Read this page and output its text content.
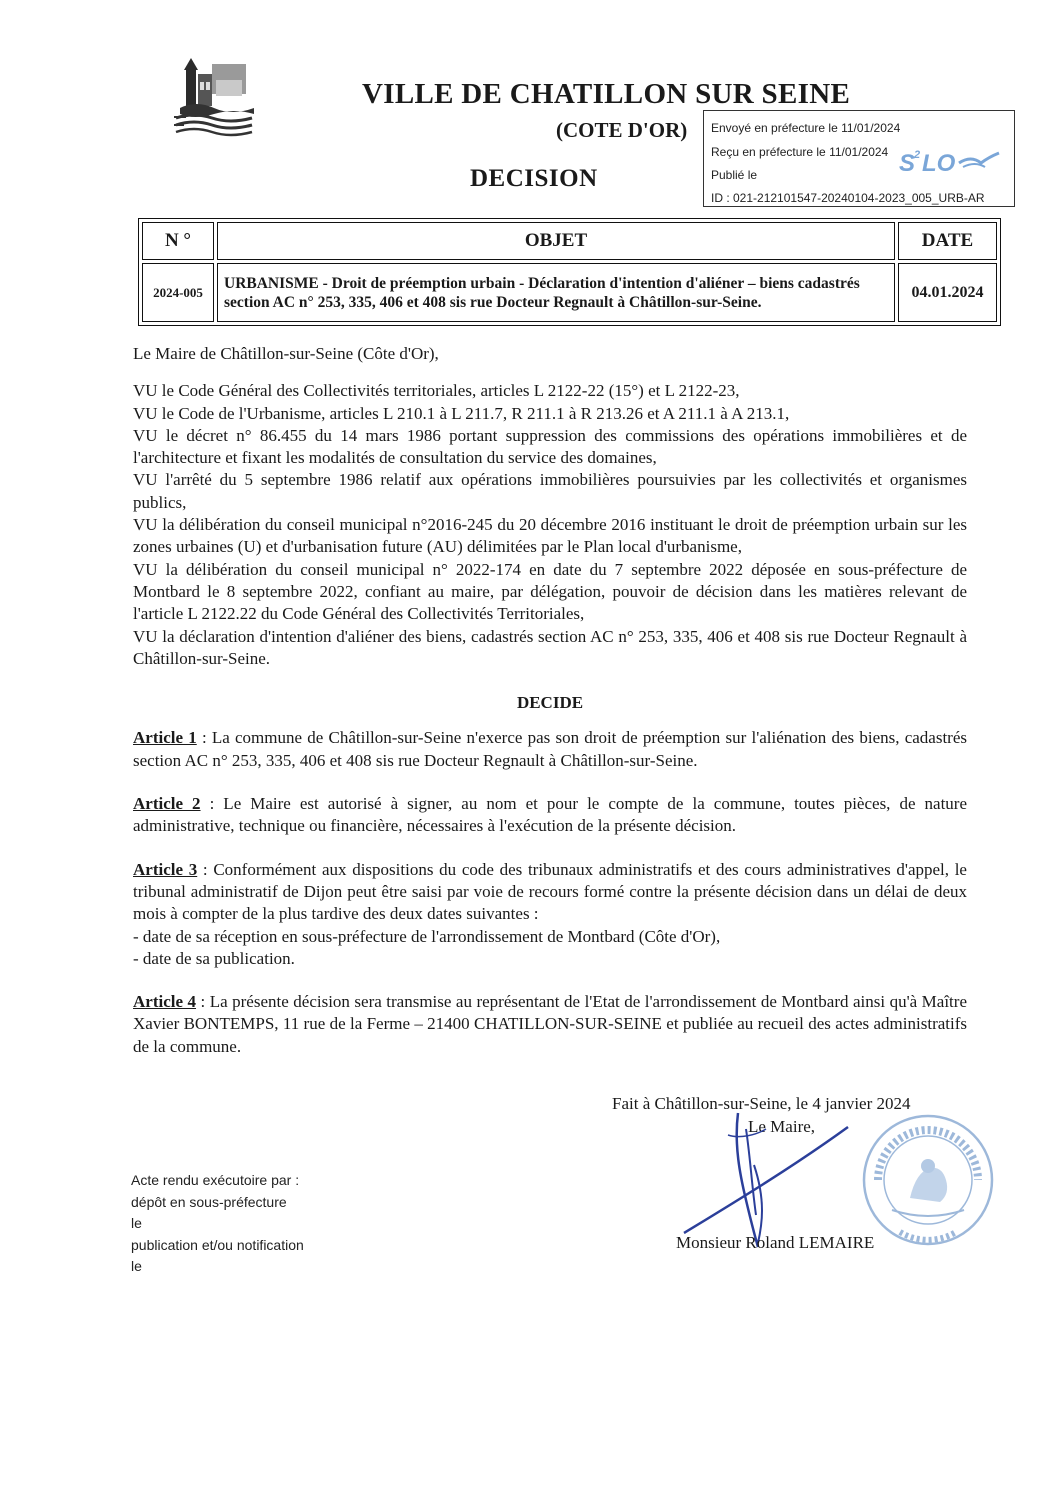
VILLE DE CHATILLON SUR SEINE
(COTE D'OR)
DECISION
Envoyé en préfecture le 11/01/2024
Reçu en préfecture le 11/01/2024
Publié le
ID : 021-212101547-20240104-2023_005_URB-AR
S
2 LO
N °	OBJET	DATE
2024-005	URBANISME - Droit de préemption urbain - Déclaration d'intention d'aliéner – biens cadastrés section AC n° 253, 335, 406 et 408 sis rue Docteur Regnault à Châtillon-sur-Seine.	04.01.2024

Le Maire de Châtillon-sur-Seine (Côte d'Or),

VU le Code Général des Collectivités territoriales, articles L 2122-22 (15°) et L 2122-23,

VU le Code de l'Urbanisme, articles L 210.1 à L 211.7, R 211.1 à R 213.26 et A 211.1 à A 213.1,

VU le décret n° 86.455 du 14 mars 1986 portant suppression des commissions des opérations immobilières et de l'architecture et fixant les modalités de consultation du service des domaines,

VU l'arrêté du 5 septembre 1986 relatif aux opérations immobilières poursuivies par les collectivités et organismes publics,

VU la délibération du conseil municipal n°2016-245 du 20 décembre 2016 instituant le droit de préemption urbain sur les zones urbaines (U) et d'urbanisation future (AU) délimitées par le Plan local d'urbanisme,

VU la délibération du conseil municipal n° 2022-174 en date du 7 septembre 2022 déposée en sous-préfecture de Montbard le 8 septembre 2022, confiant au maire, par délégation, pouvoir de décision dans les matières relevant de l'article L 2122.22 du Code Général des Collectivités Territoriales,

VU la déclaration d'intention d'aliéner des biens, cadastrés section AC n° 253, 335, 406 et 408 sis rue Docteur Regnault à Châtillon-sur-Seine.

DECIDE

Article 1 : La commune de Châtillon-sur-Seine n'exerce pas son droit de préemption sur l'aliénation des biens, cadastrés section AC n° 253, 335, 406 et 408 sis rue Docteur Regnault à Châtillon-sur-Seine.

Article 2 : Le Maire est autorisé à signer, au nom et pour le compte de la commune, toutes pièces, de nature administrative, technique ou financière, nécessaires à l'exécution de la présente décision.

Article 3 : Conformément aux dispositions du code des tribunaux administratifs et des cours administratives d'appel, le tribunal administratif de Dijon peut être saisi par voie de recours formé contre la présente décision dans un délai de deux mois à compter de la plus tardive des deux dates suivantes :
- date de sa réception en sous-préfecture de l'arrondissement de Montbard (Côte d'Or),
- date de sa publication.

Article 4 : La présente décision sera transmise au représentant de l'Etat de l'arrondissement de Montbard ainsi qu'à Maître Xavier BONTEMPS, 11 rue de la Ferme – 21400 CHATILLON-SUR-SEINE et publiée au recueil des actes administratifs de la commune.

Fait à Châtillon-sur-Seine, le 4 janvier 2024
Le Maire,
Monsieur Roland LEMAIRE
Acte rendu exécutoire par :
dépôt en sous-préfecture
le
publication et/ou notification
le
